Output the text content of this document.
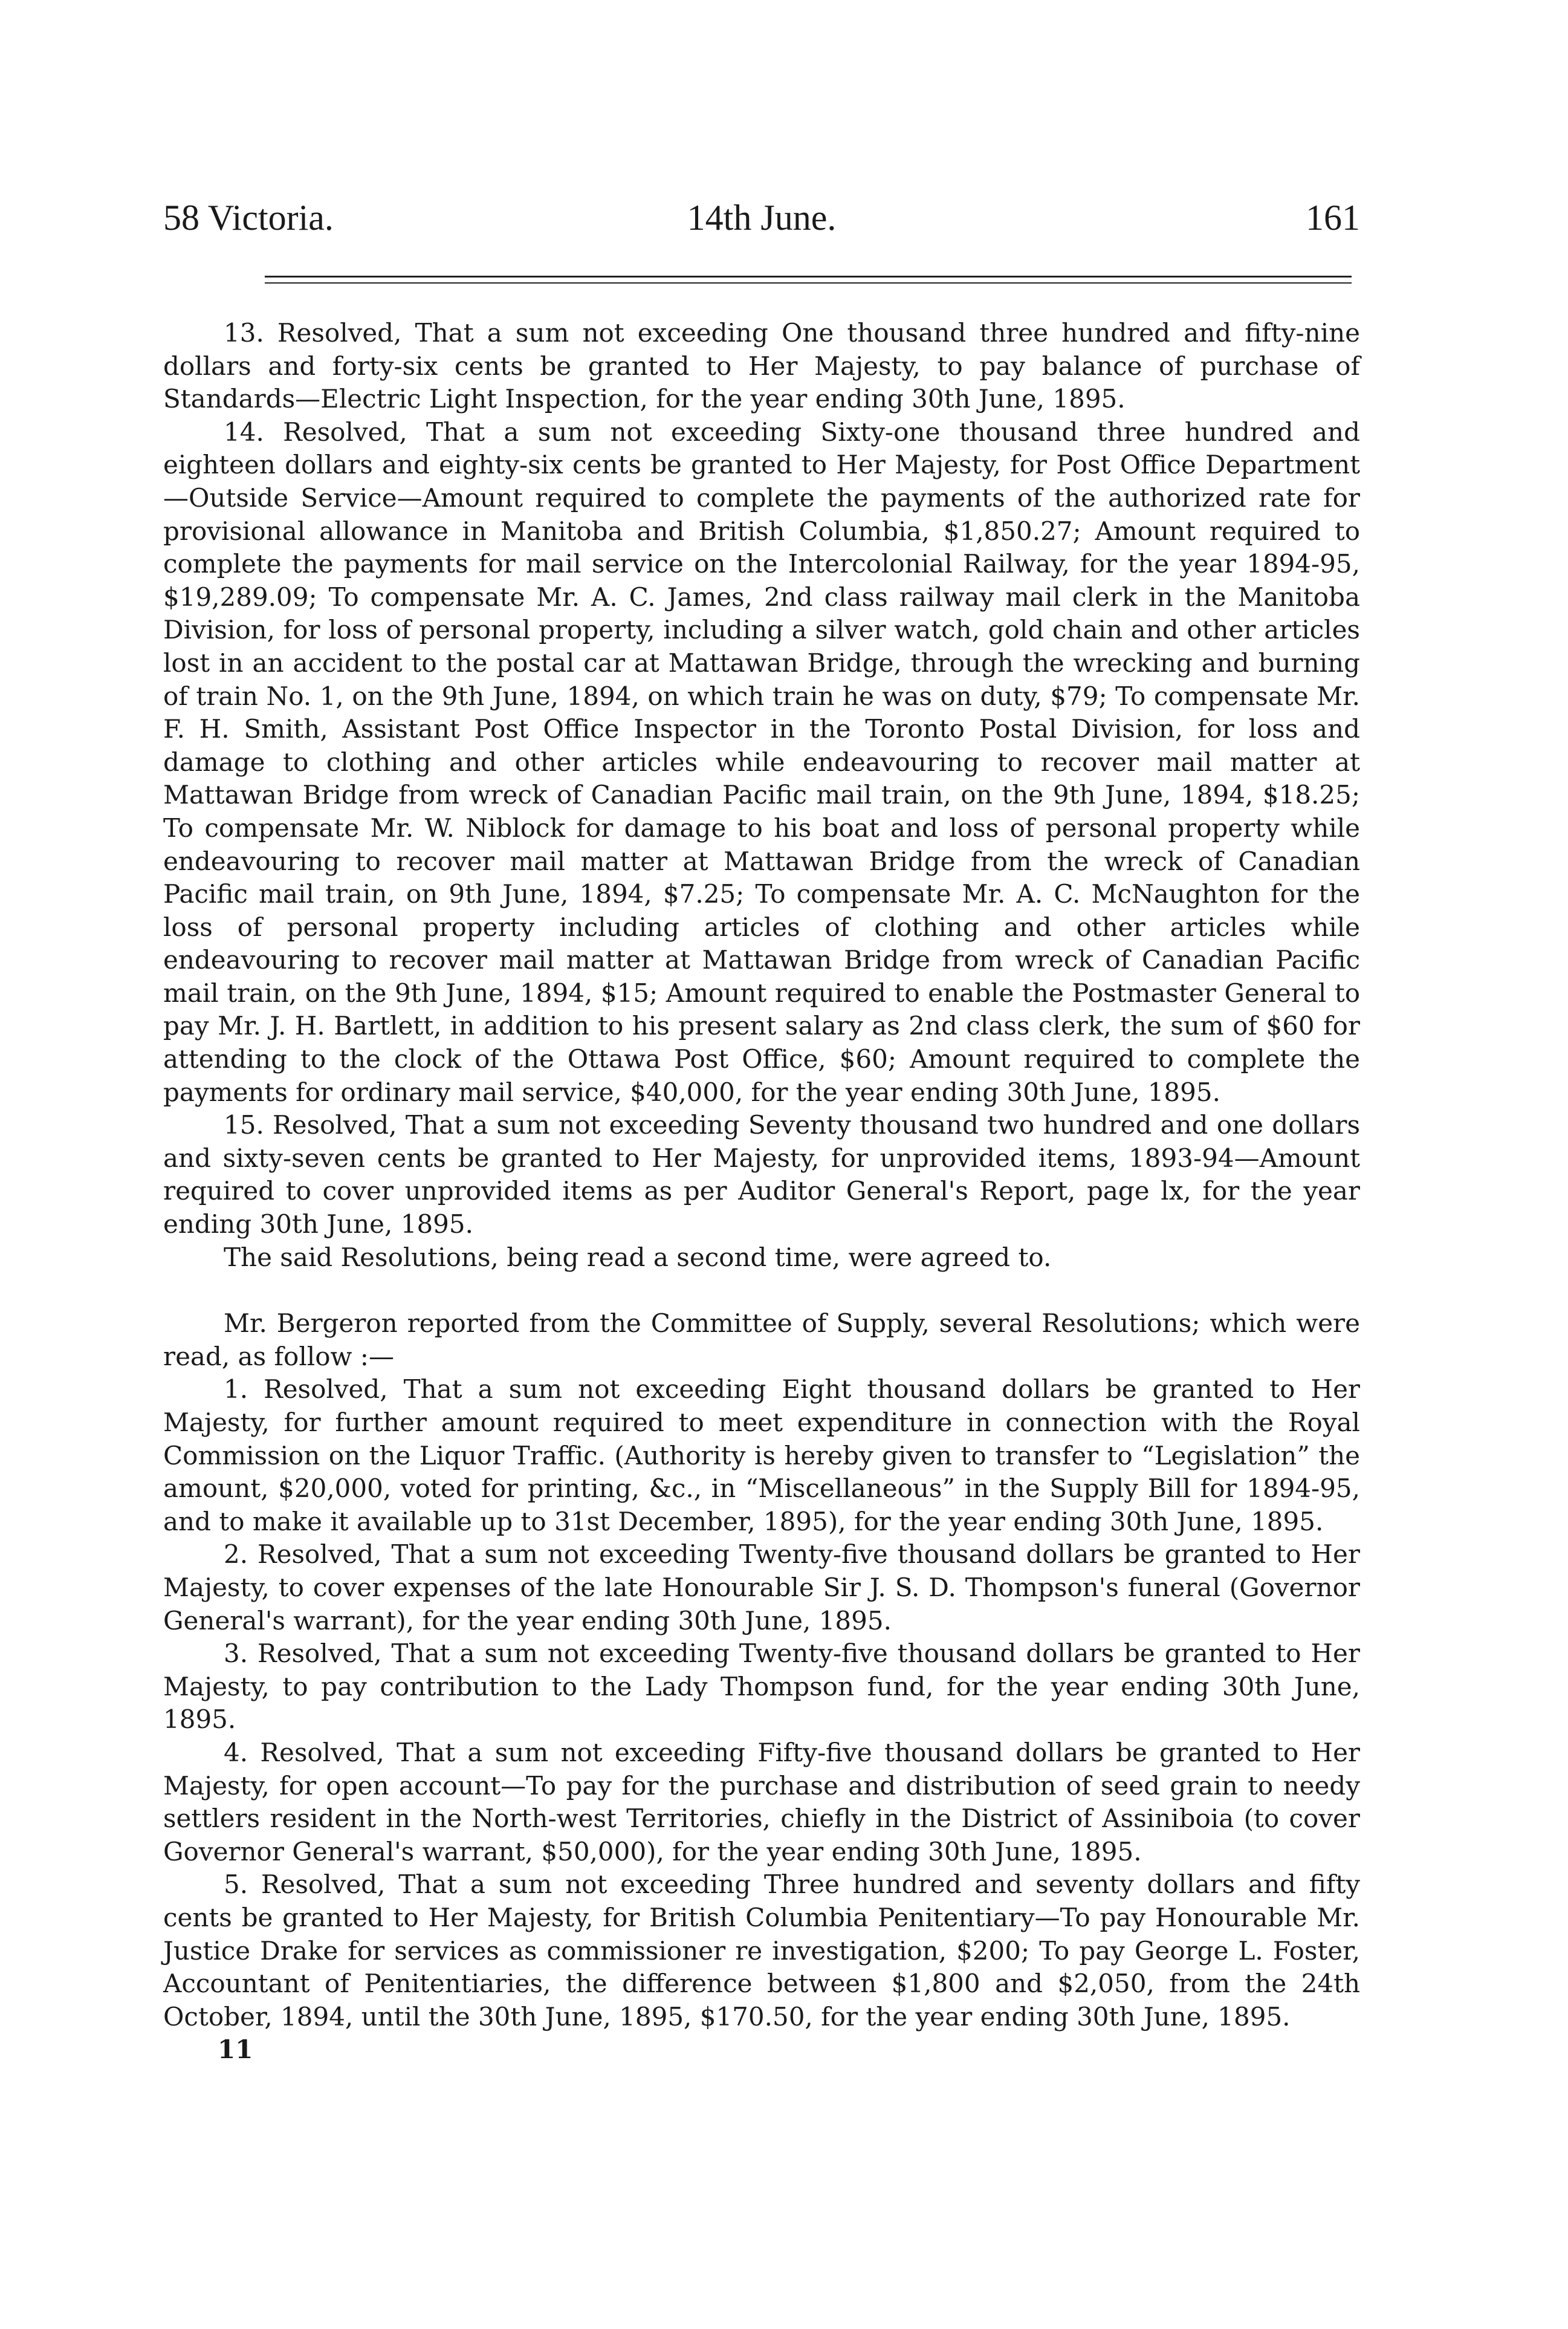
58 Victoria.	14th June.	161

13. Resolved, That a sum not exceeding One thousand three hundred and fifty-nine dollars and forty-six cents be granted to Her Majesty, to pay balance of purchase of Standards—Electric Light Inspection, for the year ending 30th June, 1895.

14. Resolved, That a sum not exceeding Sixty-one thousand three hundred and eighteen dollars and eighty-six cents be granted to Her Majesty, for Post Office Department—Outside Service—Amount required to complete the payments of the authorized rate for provisional allowance in Manitoba and British Columbia, $1,850.27; Amount required to complete the payments for mail service on the Intercolonial Railway, for the year 1894-95, $19,289.09; To compensate Mr. A. C. James, 2nd class railway mail clerk in the Manitoba Division, for loss of personal property, including a silver watch, gold chain and other articles lost in an accident to the postal car at Mattawan Bridge, through the wrecking and burning of train No. 1, on the 9th June, 1894, on which train he was on duty, $79; To compensate Mr. F. H. Smith, Assistant Post Office Inspector in the Toronto Postal Division, for loss and damage to clothing and other articles while endeavouring to recover mail matter at Mattawan Bridge from wreck of Canadian Pacific mail train, on the 9th June, 1894, $18.25; To compensate Mr. W. Niblock for damage to his boat and loss of personal property while endeavouring to recover mail matter at Mattawan Bridge from the wreck of Canadian Pacific mail train, on 9th June, 1894, $7.25; To compensate Mr. A. C. McNaughton for the loss of personal property including articles of clothing and other articles while endeavouring to recover mail matter at Mattawan Bridge from wreck of Canadian Pacific mail train, on the 9th June, 1894, $15; Amount required to enable the Postmaster General to pay Mr. J. H. Bartlett, in addition to his present salary as 2nd class clerk, the sum of $60 for attending to the clock of the Ottawa Post Office, $60; Amount required to complete the payments for ordinary mail service, $40,000, for the year ending 30th June, 1895.

15. Resolved, That a sum not exceeding Seventy thousand two hundred and one dollars and sixty-seven cents be granted to Her Majesty, for unprovided items, 1893-94—Amount required to cover unprovided items as per Auditor General's Report, page lx, for the year ending 30th June, 1895.

The said Resolutions, being read a second time, were agreed to.

Mr. Bergeron reported from the Committee of Supply, several Resolutions; which were read, as follow :—

1. Resolved, That a sum not exceeding Eight thousand dollars be granted to Her Majesty, for further amount required to meet expenditure in connection with the Royal Commission on the Liquor Traffic. (Authority is hereby given to transfer to “Legislation” the amount, $20,000, voted for printing, &c., in “Miscellaneous” in the Supply Bill for 1894-95, and to make it available up to 31st December, 1895), for the year ending 30th June, 1895.

2. Resolved, That a sum not exceeding Twenty-five thousand dollars be granted to Her Majesty, to cover expenses of the late Honourable Sir J. S. D. Thompson's funeral (Governor General's warrant), for the year ending 30th June, 1895.

3. Resolved, That a sum not exceeding Twenty-five thousand dollars be granted to Her Majesty, to pay contribution to the Lady Thompson fund, for the year ending 30th June, 1895.

4. Resolved, That a sum not exceeding Fifty-five thousand dollars be granted to Her Majesty, for open account—To pay for the purchase and distribution of seed grain to needy settlers resident in the North-west Territories, chiefly in the District of Assiniboia (to cover Governor General's warrant, $50,000), for the year ending 30th June, 1895.

5. Resolved, That a sum not exceeding Three hundred and seventy dollars and fifty cents be granted to Her Majesty, for British Columbia Penitentiary—To pay Honourable Mr. Justice Drake for services as commissioner re investigation, $200; To pay George L. Foster, Accountant of Penitentiaries, the difference between $1,800 and $2,050, from the 24th October, 1894, until the 30th June, 1895, $170.50, for the year ending 30th June, 1895.

11
